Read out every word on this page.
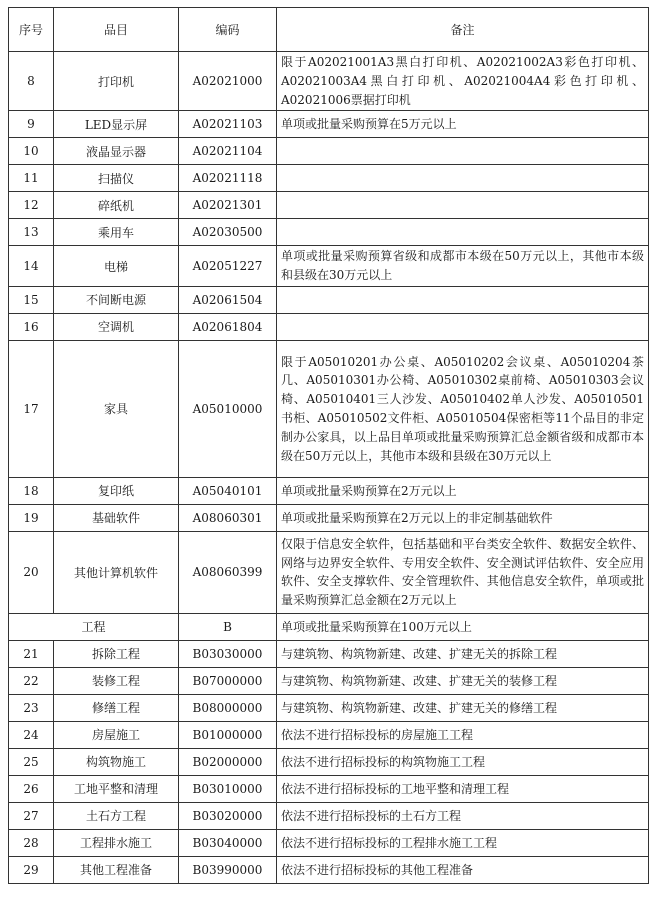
序号	品目	编码	备注
8	打印机	A02021000	限于A02021001A3黑白打印机、A02021002A3彩色打印机、A02021003A4黑白打印机、A02021004A4彩色打印机、A02021006票据打印机
9	LED显示屏	A02021103	单项或批量采购预算在5万元以上
10	液晶显示器	A02021104	
11	扫描仪	A02021118	
12	碎纸机	A02021301	
13	乘用车	A02030500	
14	电梯	A02051227	单项或批量采购预算省级和成都市本级在50万元以上，其他市本级和县级在30万元以上
15	不间断电源	A02061504	
16	空调机	A02061804	
17	家具	A05010000	限于A05010201办公桌、A05010202会议桌、A05010204茶几、A05010301办公椅、A05010302桌前椅、A05010303会议椅、A05010401三人沙发、A05010402单人沙发、A05010501书柜、A05010502文件柜、A05010504保密柜等11个品目的非定制办公家具，以上品目单项或批量采购预算汇总金额省级和成都市本级在50万元以上，其他市本级和县级在30万元以上
18	复印纸	A05040101	单项或批量采购预算在2万元以上
19	基础软件	A08060301	单项或批量采购预算在2万元以上的非定制基础软件
20	其他计算机软件	A08060399	仅限于信息安全软件，包括基础和平台类安全软件、数据安全软件、网络与边界安全软件、专用安全软件、安全测试评估软件、安全应用软件、安全支撑软件、安全管理软件、其他信息安全软件，单项或批量采购预算汇总金额在2万元以上
工程		B	单项或批量采购预算在100万元以上
21	拆除工程	B03030000	与建筑物、构筑物新建、改建、扩建无关的拆除工程
22	装修工程	B07000000	与建筑物、构筑物新建、改建、扩建无关的装修工程
23	修缮工程	B08000000	与建筑物、构筑物新建、改建、扩建无关的修缮工程
24	房屋施工	B01000000	依法不进行招标投标的房屋施工工程
25	构筑物施工	B02000000	依法不进行招标投标的构筑物施工工程
26	工地平整和清理	B03010000	依法不进行招标投标的工地平整和清理工程
27	土石方工程	B03020000	依法不进行招标投标的土石方工程
28	工程排水施工	B03040000	依法不进行招标投标的工程排水施工工程
29	其他工程准备	B03990000	依法不进行招标投标的其他工程准备
